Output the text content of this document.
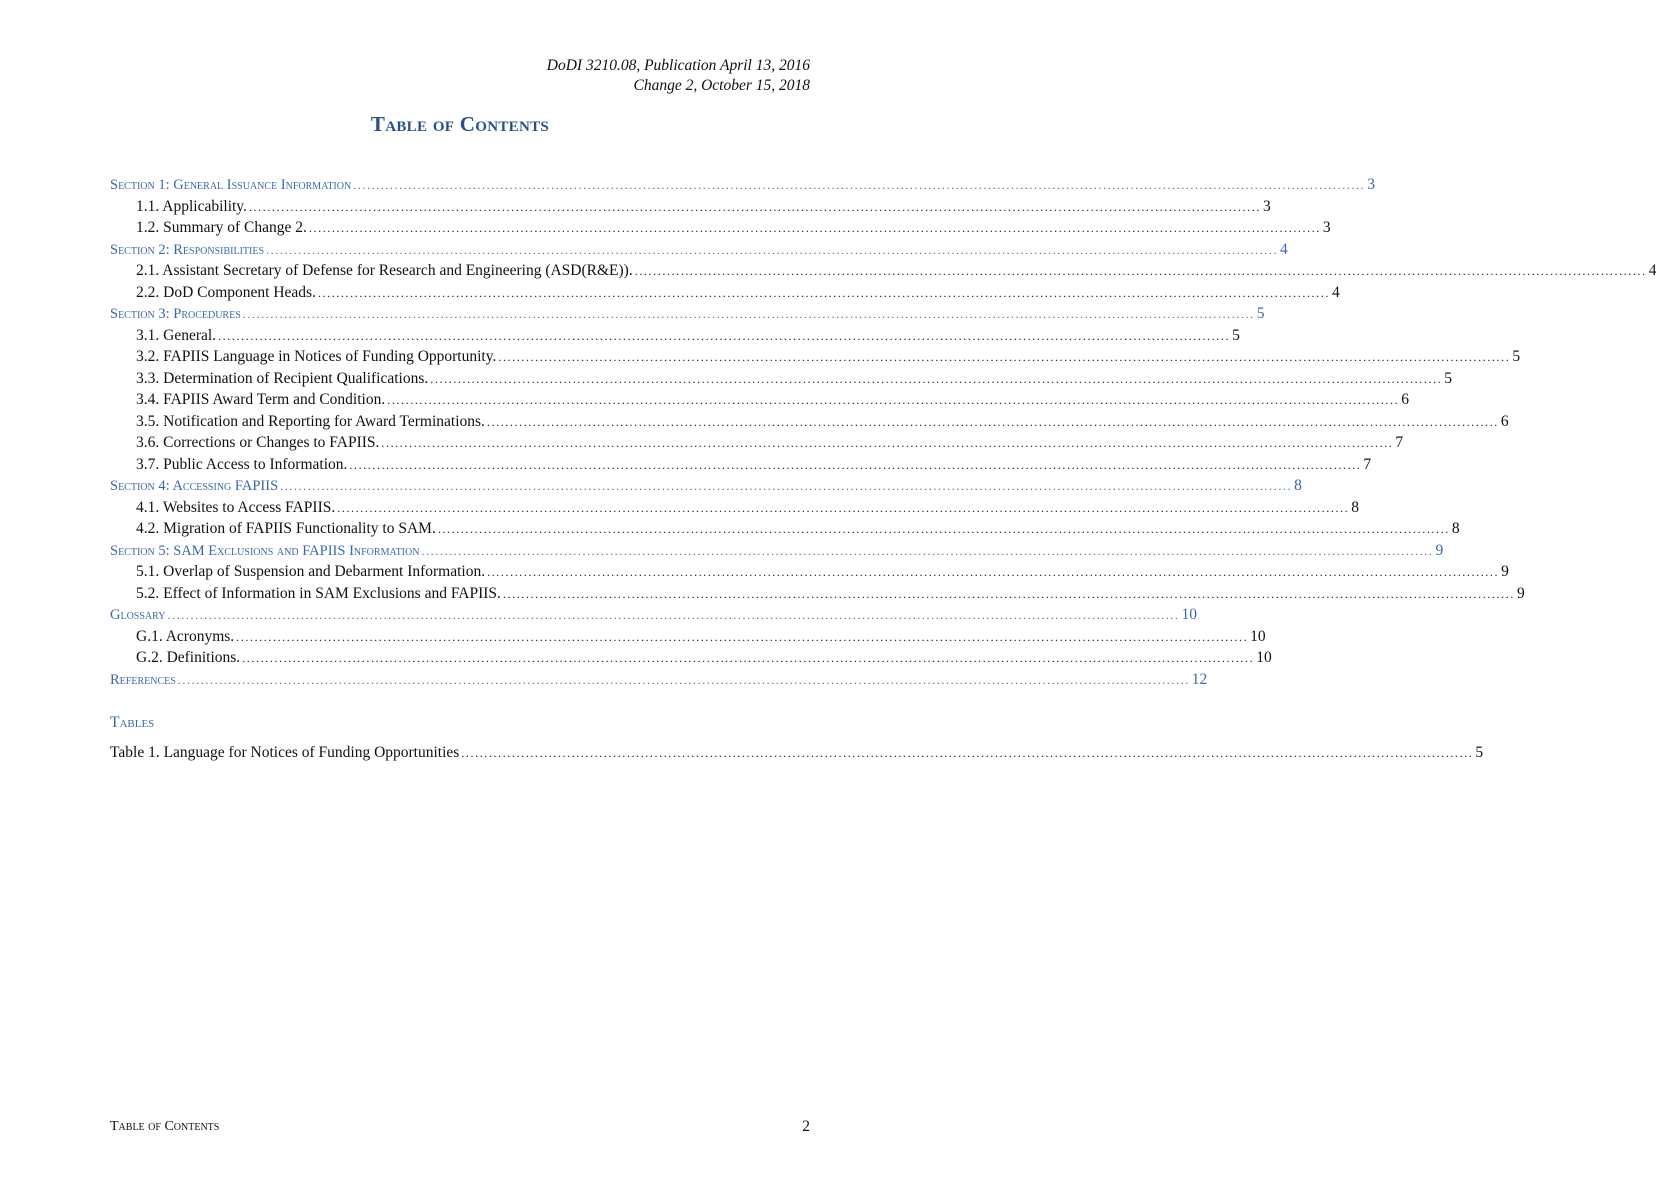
DoDI 3210.08, Publication April 13, 2016
Change 2, October 15, 2018
Table of Contents
Section 1: General Issuance Information ............................................................................................................................................................................................................................ 3
1.1. Applicability. ............................................................................................................................................................................................................................ 3
1.2. Summary of Change 2. ............................................................................................................................................................................................................................ 3
Section 2: Responsibilities ............................................................................................................................................................................................................................ 4
2.1. Assistant Secretary of Defense for Research and Engineering (ASD(R&E)). ............................................................................................................................................................................................................................ 4
2.2. DoD Component Heads. ............................................................................................................................................................................................................................ 4
Section 3: Procedures ............................................................................................................................................................................................................................ 5
3.1. General. ............................................................................................................................................................................................................................ 5
3.2. FAPIIS Language in Notices of Funding Opportunity. ............................................................................................................................................................................................................................ 5
3.3. Determination of Recipient Qualifications. ............................................................................................................................................................................................................................ 5
3.4. FAPIIS Award Term and Condition. ............................................................................................................................................................................................................................ 6
3.5. Notification and Reporting for Award Terminations. ............................................................................................................................................................................................................................ 6
3.6. Corrections or Changes to FAPIIS. ............................................................................................................................................................................................................................ 7
3.7. Public Access to Information. ............................................................................................................................................................................................................................ 7
Section 4: Accessing FAPIIS ............................................................................................................................................................................................................................ 8
4.1. Websites to Access FAPIIS. ............................................................................................................................................................................................................................ 8
4.2. Migration of FAPIIS Functionality to SAM. ............................................................................................................................................................................................................................ 8
Section 5: SAM Exclusions and FAPIIS Information ............................................................................................................................................................................................................................ 9
5.1. Overlap of Suspension and Debarment Information. ............................................................................................................................................................................................................................ 9
5.2. Effect of Information in SAM Exclusions and FAPIIS. ............................................................................................................................................................................................................................ 9
Glossary ............................................................................................................................................................................................................................ 10
G.1. Acronyms. ............................................................................................................................................................................................................................ 10
G.2. Definitions. ............................................................................................................................................................................................................................ 10
References ............................................................................................................................................................................................................................ 12
Tables
Table 1. Language for Notices of Funding Opportunities ............................................................................................................................................................................................................................ 5
Table of Contents	2
